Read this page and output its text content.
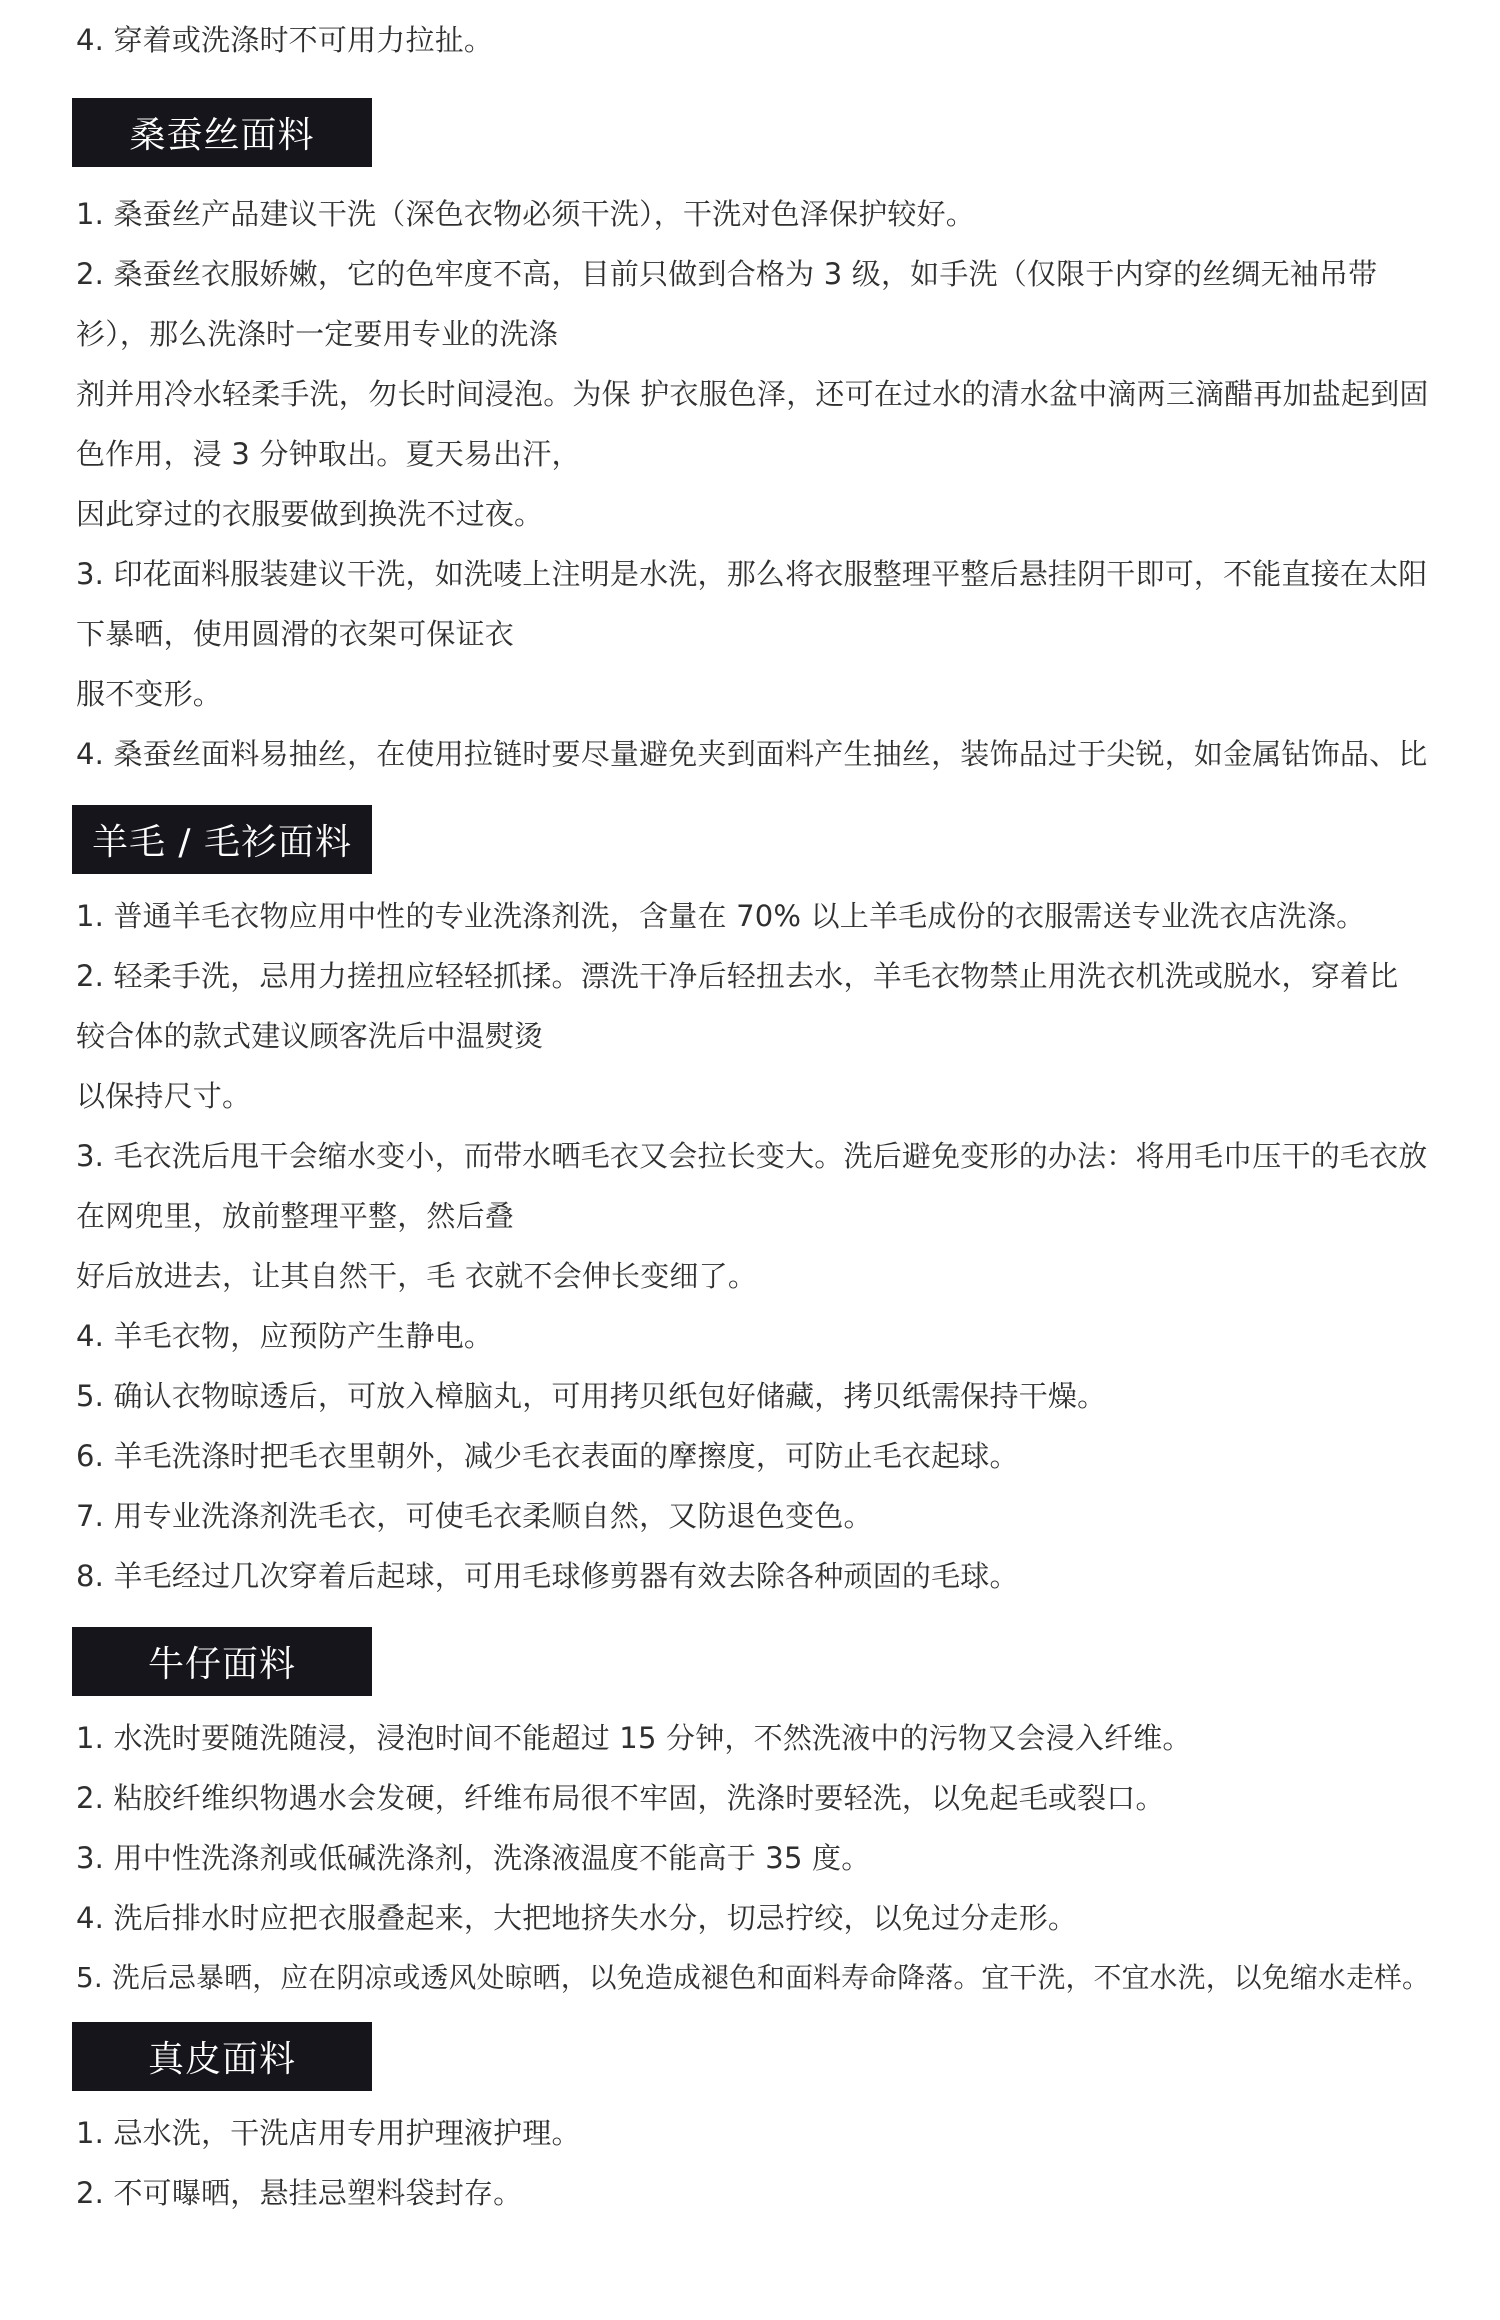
4. 穿着或洗涤时不可用力拉扯。

桑蚕丝面料

1. 桑蚕丝产品建议干洗（深色衣物必须干洗），干洗对色泽保护较好。

2. 桑蚕丝衣服娇嫩，它的色牢度不高，目前只做到合格为 3 级，如手洗（仅限于内穿的丝绸无袖吊带

衫），那么洗涤时一定要用专业的洗涤

剂并用冷水轻柔手洗，勿长时间浸泡。为保 护衣服色泽，还可在过水的清水盆中滴两三滴醋再加盐起到固

色作用，浸 3 分钟取出。夏天易出汗，

因此穿过的衣服要做到换洗不过夜。

3. 印花面料服装建议干洗，如洗唛上注明是水洗，那么将衣服整理平整后悬挂阴干即可，不能直接在太阳

下暴晒，使用圆滑的衣架可保证衣

服不变形。

4. 桑蚕丝面料易抽丝，在使用拉链时要尽量避免夹到面料产生抽丝，装饰品过于尖锐，如金属钻饰品、比

羊毛 / 毛衫面料

1. 普通羊毛衣物应用中性的专业洗涤剂洗，含量在 70% 以上羊毛成份的衣服需送专业洗衣店洗涤。

2. 轻柔手洗，忌用力搓扭应轻轻抓揉。漂洗干净后轻扭去水，羊毛衣物禁止用洗衣机洗或脱水，穿着比

较合体的款式建议顾客洗后中温熨烫

以保持尺寸。

3. 毛衣洗后甩干会缩水变小，而带水晒毛衣又会拉长变大。洗后避免变形的办法：将用毛巾压干的毛衣放

在网兜里，放前整理平整，然后叠

好后放进去，让其自然干，毛 衣就不会伸长变细了。

4. 羊毛衣物，应预防产生静电。

5. 确认衣物晾透后，可放入樟脑丸，可用拷贝纸包好储藏，拷贝纸需保持干燥。

6. 羊毛洗涤时把毛衣里朝外，减少毛衣表面的摩擦度，可防止毛衣起球。

7. 用专业洗涤剂洗毛衣，可使毛衣柔顺自然，又防退色变色。

8. 羊毛经过几次穿着后起球，可用毛球修剪器有效去除各种顽固的毛球。

牛仔面料

1. 水洗时要随洗随浸，浸泡时间不能超过 15 分钟，不然洗液中的污物又会浸入纤维。

2. 粘胶纤维织物遇水会发硬，纤维布局很不牢固，洗涤时要轻洗，以免起毛或裂口。

3. 用中性洗涤剂或低碱洗涤剂，洗涤液温度不能高于 35 度。

4. 洗后排水时应把衣服叠起来，大把地挤失水分，切忌拧绞，以免过分走形。

5. 洗后忌暴晒，应在阴凉或透风处晾晒，以免造成褪色和面料寿命降落。宜干洗，不宜水洗，以免缩水走样。

真皮面料

1. 忌水洗，干洗店用专用护理液护理。

2. 不可曝晒，悬挂忌塑料袋封存。
